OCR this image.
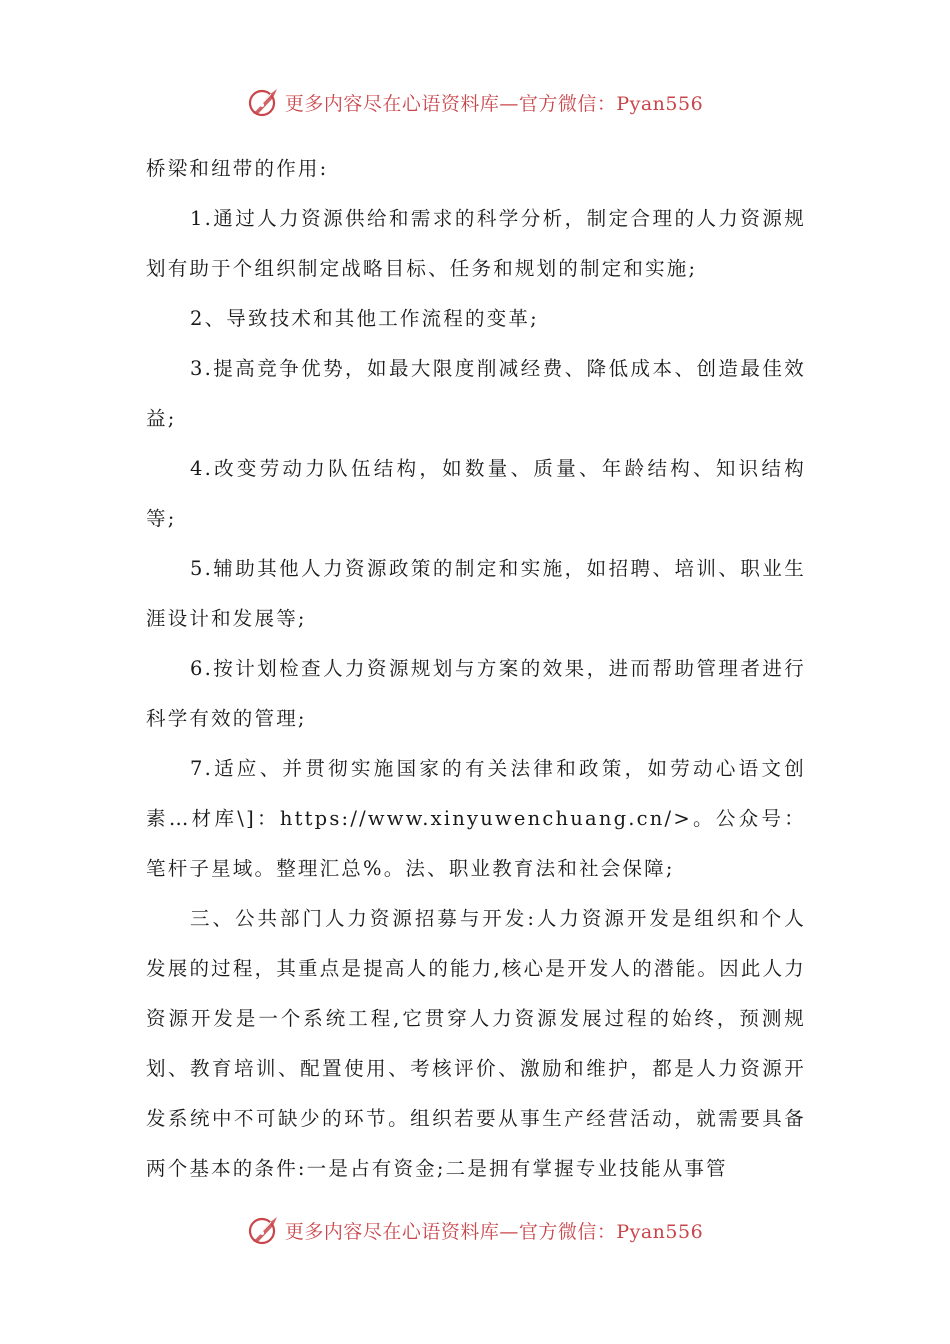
更多内容尽在心语资料库—官方微信：Pyan556

桥梁和纽带的作用:

1.通过人力资源供给和需求的科学分析，制定合理的人力资源规划有助于个组织制定战略目标、任务和规划的制定和实施;

2、导致技术和其他工作流程的变革;

3.提高竞争优势，如最大限度削减经费、降低成本、创造最佳效益;

4.改变劳动力队伍结构，如数量、质量、年龄结构、知识结构等;

5.辅助其他人力资源政策的制定和实施，如招聘、培训、职业生涯设计和发展等;

6.按计划检查人力资源规划与方案的效果，进而帮助管理者进行科学有效的管理;

7.适应、并贯彻实施国家的有关法律和政策，如劳动心语文创素…材库\]：https://www.xinyuwenchuang.cn/>。公众号：笔杆子星域。整理汇总%。法、职业教育法和社会保障;

三、公共部门人力资源招募与开发:人力资源开发是组织和个人发展的过程，其重点是提高人的能力,核心是开发人的潜能。因此人力资源开发是一个系统工程,它贯穿人力资源发展过程的始终，预测规划、教育培训、配置使用、考核评价、激励和维护，都是人力资源开发系统中不可缺少的环节。组织若要从事生产经营活动，就需要具备两个基本的条件:一是占有资金;二是拥有掌握专业技能从事管

更多内容尽在心语资料库—官方微信：Pyan556
